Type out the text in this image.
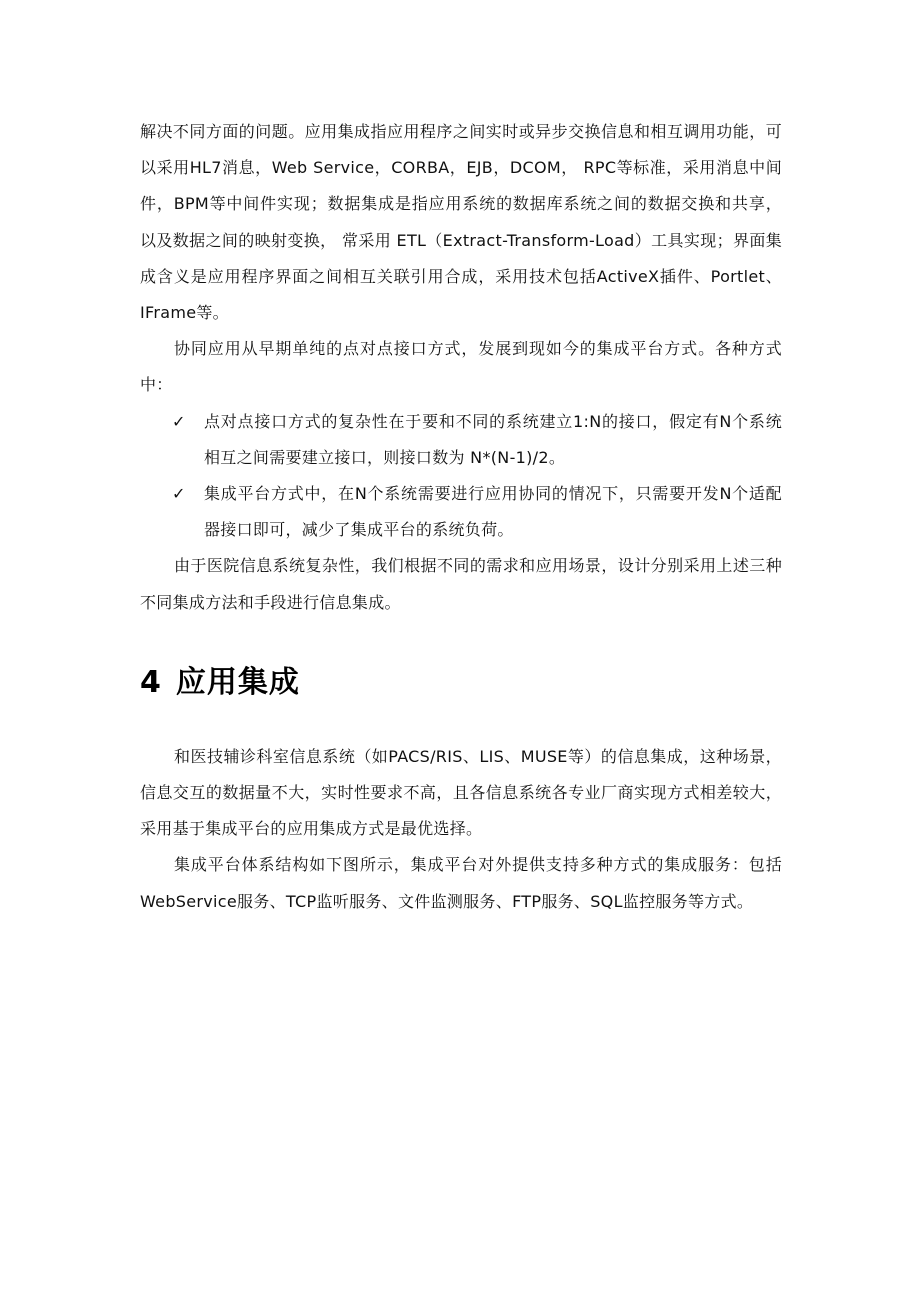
解决不同方面的问题。应用集成指应用程序之间实时或异步交换信息和相互调用功能，可以采用HL7消息，Web Service，CORBA，EJB，DCOM， RPC等标准，采用消息中间件，BPM等中间件实现；数据集成是指应用系统的数据库系统之间的数据交换和共享， 以及数据之间的映射变换， 常采用 ETL（Extract-Transform-Load）工具实现；界面集成含义是应用程序界面之间相互关联引用合成，采用技术包括ActiveX插件、Portlet、IFrame等。

协同应用从早期单纯的点对点接口方式，发展到现如今的集成平台方式。各种方式中：

✓ 点对点接口方式的复杂性在于要和不同的系统建立1:N的接口，假定有N个系统相互之间需要建立接口，则接口数为 N*(N-1)/2。
✓ 集成平台方式中，在N个系统需要进行应用协同的情况下，只需要开发N个适配器接口即可，减少了集成平台的系统负荷。

由于医院信息系统复杂性，我们根据不同的需求和应用场景，设计分别采用上述三种不同集成方法和手段进行信息集成。

4 应用集成

和医技辅诊科室信息系统（如PACS/RIS、LIS、MUSE等）的信息集成，这种场景，信息交互的数据量不大，实时性要求不高，且各信息系统各专业厂商实现方式相差较大，采用基于集成平台的应用集成方式是最优选择。

集成平台体系结构如下图所示，集成平台对外提供支持多种方式的集成服务：包括WebService服务、TCP监听服务、文件监测服务、FTP服务、SQL监控服务等方式。
